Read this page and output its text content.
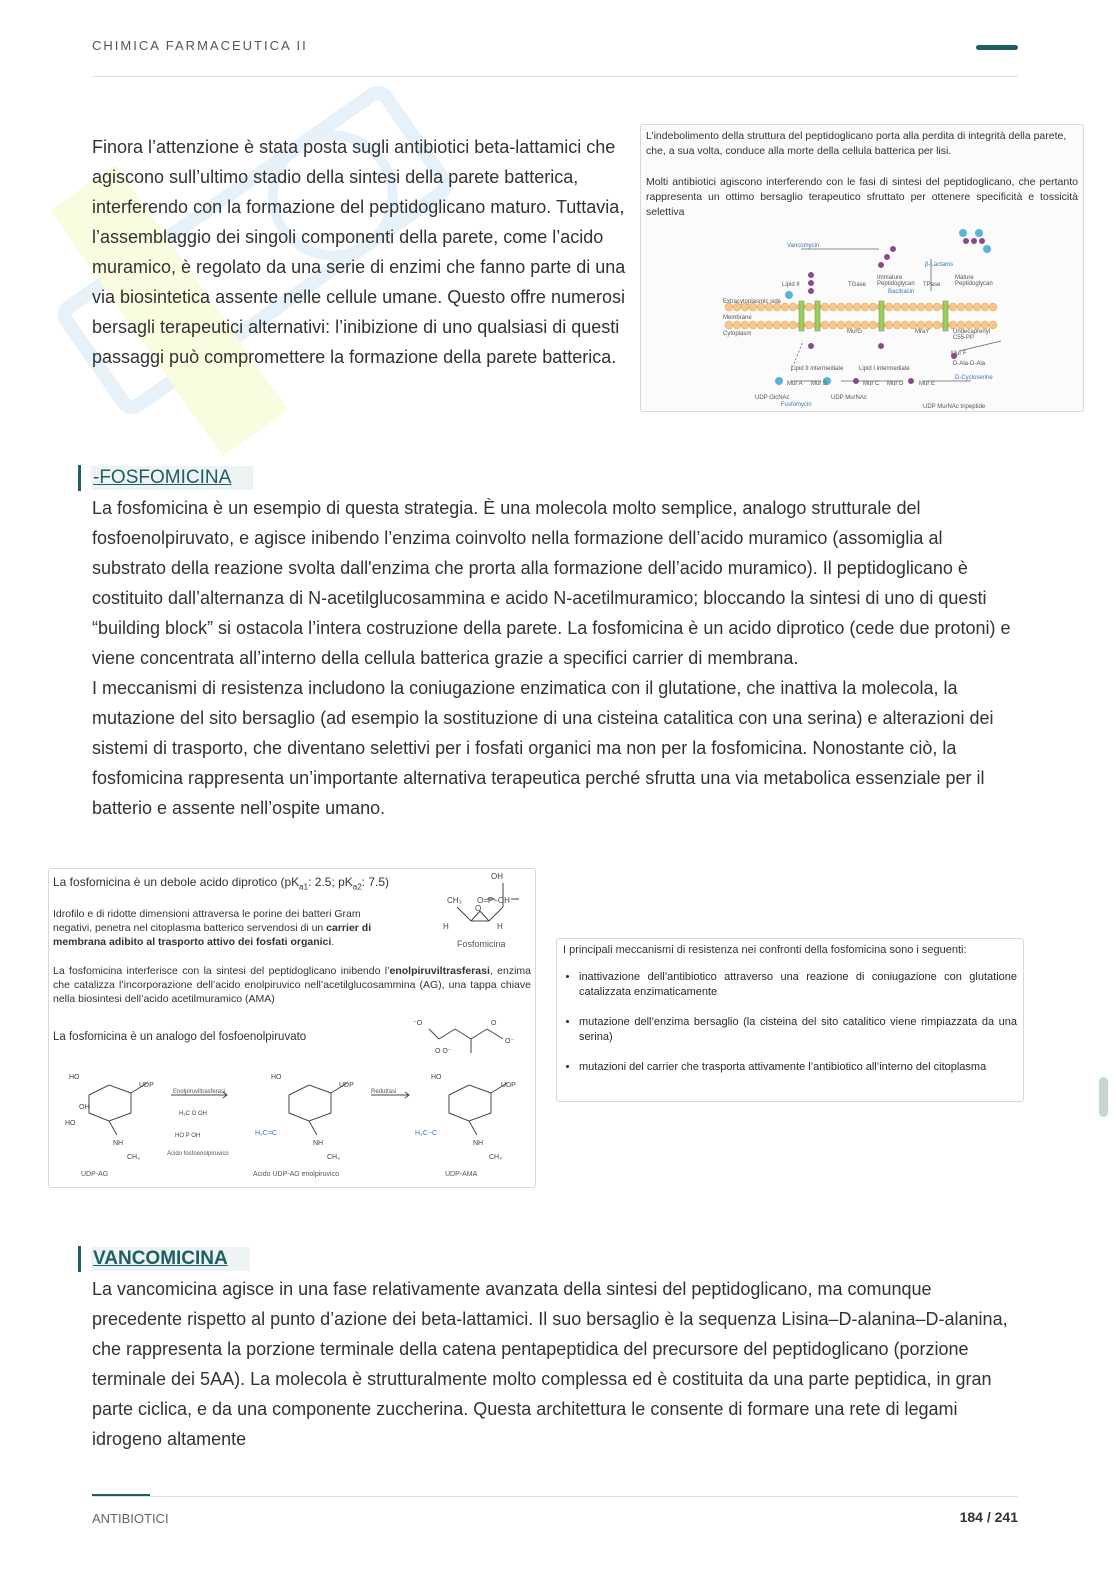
CHIMICA FARMACEUTICA II

Finora l’attenzione è stata posta sugli antibiotici beta-lattamici che agiscono sull’ultimo stadio della sintesi della parete batterica, interferendo con la formazione del peptidoglicano maturo. Tuttavia, l’assemblaggio dei singoli componenti della parete, come l’acido muramico, è regolato da una serie di enzimi che fanno parte di una via biosintetica assente nelle cellule umane. Questo offre numerosi bersagli terapeutici alternativi: l’inibizione di uno qualsiasi di questi passaggi può compromettere la formazione della parete batterica.

L’indebolimento della struttura del peptidoglicano porta alla perdita di integrità della parete, che, a sua volta, conduce alla morte della cellula batterica per lisi.

Molti antibiotici agiscono interferendo con le fasi di sintesi del peptidoglicano, che pertanto rappresenta un ottimo bersaglio terapeutico sfruttato per ottenere specificità e tossicità selettiva

Vancomycin
β-Lactams
Bacitracin
Extracytoplasmic side
Membrane
Cytoplasm
Lipid II	TGase
Immature Peptidoglycan	TPase
Mature Peptidoglycan
MurG	MraY	Undecaprenyl C55-PP
Lipid II intermediate	Lipid I intermediate
Mur F
D-Ala-D-Ala
D-Cycloserine
Mur A Mur B	Mur C Mur D	Mur E
UDP GlcNAc
Fosfomycin
UDP MurNAc
UDP MurNAc tripeptide
-FOSFOMICINA

La fosfomicina è un esempio di questa strategia. È una molecola molto semplice, analogo strutturale del fosfoenolpiruvato, e agisce inibendo l’enzima coinvolto nella formazione dell’acido muramico (assomiglia al substrato della reazione svolta dall'enzima che prorta alla formazione dell’acido muramico). Il peptidoglicano è costituito dall’alternanza di N-acetilglucosammina e acido N-acetilmuramico; bloccando la sintesi di uno di questi “building block” si ostacola l’intera costruzione della parete. La fosfomicina è un acido diprotico (cede due protoni) e viene concentrata all’interno della cellula batterica grazie a specifici carrier di membrana.

I meccanismi di resistenza includono la coniugazione enzimatica con il glutatione, che inattiva la molecola, la mutazione del sito bersaglio (ad esempio la sostituzione di una cisteina catalitica con una serina) e alterazioni dei sistemi di trasporto, che diventano selettivi per i fosfati organici ma non per la fosfomicina. Nonostante ciò, la fosfomicina rappresenta un’importante alternativa terapeutica perché sfrutta una via metabolica essenziale per il batterio e assente nell’ospite umano.

La fosfomicina è un debole acido diprotico ($pK_{a1}$: 2.5; $pK_{a2}$: 7.5)

Idrofilo e di ridotte dimensioni attraversa le porine dei batteri Gram negativi, penetra nel citoplasma batterico servendosi di un carrier di membrana adibito al trasporto attivo dei fosfati organici.

La fosfomicina interferisce con la sintesi del peptidoglicano inibendo l’enolpiruviltrasferasi, enzima che catalizza l’incorporazione dell’acido enolpiruvico nell’acetilglucosammina (AG), una tappa chiave nella biosintesi dell’acido acetilmuramico (AMA)

La fosfomicina è un analogo del fosfoenolpiruvato

OH
CH₃ O=P−OH
O
H	H
Fosfomicina
⁻O
O O⁻
O
O⁻
HO
UDP
HO
UDP
HO
UDP
OH
HO
NH
CH₃
H₂C=C
NH
CH₃
H₃C−C
NH
CH₃
H₂C O OH
HO P OH
Enolpiruviltrasferasi	Reduttasi
Acido fosfoenolpiruvico
UDP-AG	Acido UDP-AG enolpiruvico	UDP-AMA

I principali meccanismi di resistenza nei confronti della fosfomicina sono i seguenti:

• inattivazione dell’antibiotico attraverso una reazione di coniugazione con glutatione catalizzata enzimaticamente
• mutazione dell’enzima bersaglio (la cisteina del sito catalitico viene rimpiazzata da una serina)
• mutazioni del carrier che trasporta attivamente l’antibiotico all’interno del citoplasma
VANCOMICINA

La vancomicina agisce in una fase relativamente avanzata della sintesi del peptidoglicano, ma comunque precedente rispetto al punto d’azione dei beta-lattamici. Il suo bersaglio è la sequenza Lisina–D-alanina–D-alanina, che rappresenta la porzione terminale della catena pentapeptidica del precursore del peptidoglicano (porzione terminale dei 5AA). La molecola è strutturalmente molto complessa ed è costituita da una parte peptidica, in gran parte ciclica, e da una componente zuccherina. Questa architettura le consente di formare una rete di legami idrogeno altamente

ANTIBIOTICI	184 / 241
